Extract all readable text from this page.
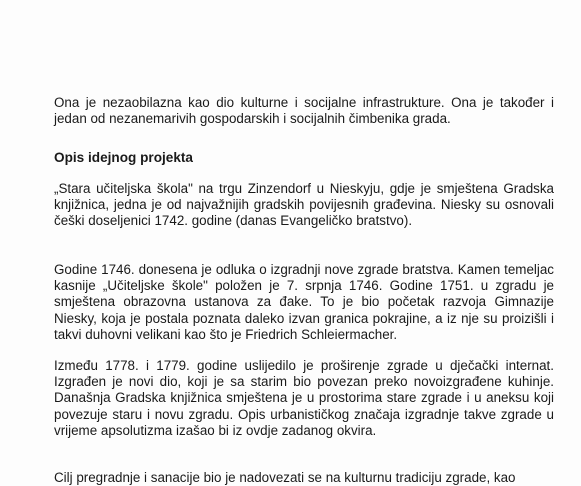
Ona je nezaobilazna kao dio kulturne i socijalne infrastrukture. Ona je također i jedan od nezanemarivih gospodarskih i socijalnih čimbenika grada.
Opis idejnog projekta
„Stara učiteljska škola" na trgu Zinzendorf u Nieskyju, gdje je smještena Gradska knjižnica, jedna je od najvažnijih gradskih povijesnih građevina. Niesky su osnovali češki doseljenici 1742. godine (danas Evangeličko bratstvo).
Godine 1746. donesena je odluka o izgradnji nove zgrade bratstva. Kamen temeljac kasnije „Učiteljske škole" položen je 7. srpnja 1746. Godine 1751. u zgradu je smještena obrazovna ustanova za đake. To je bio početak razvoja Gimnazije Niesky, koja je postala poznata daleko izvan granica pokrajine, a iz nje su proizišli i takvi duhovni velikani kao što je Friedrich Schleiermacher.
Između 1778. i 1779. godine uslijedilo je proširenje zgrade u dječački internat. Izgrađen je novi dio, koji je sa starim bio povezan preko novoizgrađene kuhinje. Današnja Gradska knjižnica smještena je u prostorima stare zgrade i u aneksu koji povezuje staru i novu zgradu. Opis urbanističkog značaja izgradnje takve zgrade u vrijeme apsolutizma izašao bi iz ovdje zadanog okvira.
Cilj pregradnje i sanacije bio je nadovezati se na kulturnu tradiciju zgrade, kao
